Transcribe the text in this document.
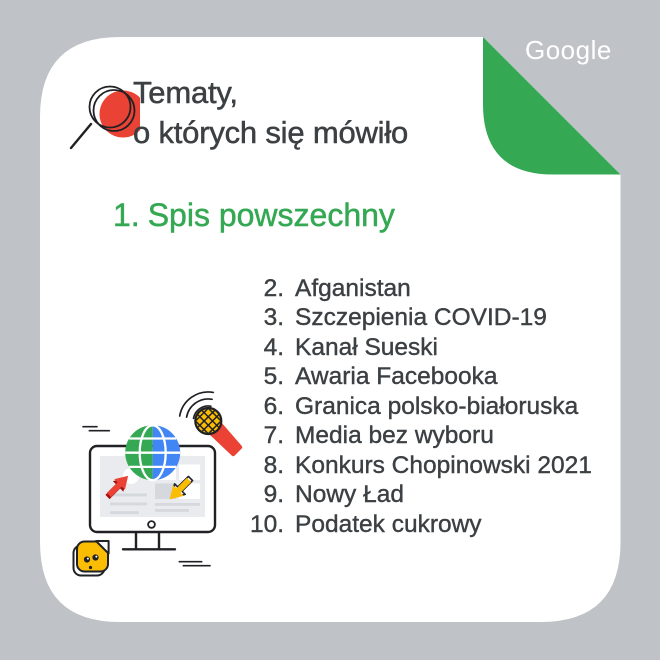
Google
Tematy,
o których się mówiło
1. Spis powszechny
2. Afganistan
3. Szczepienia COVID-19
4. Kanał Sueski
5. Awaria Facebooka
6. Granica polsko-białoruska
7. Media bez wyboru
8. Konkurs Chopinowski 2021
9. Nowy Ład
10. Podatek cukrowy
